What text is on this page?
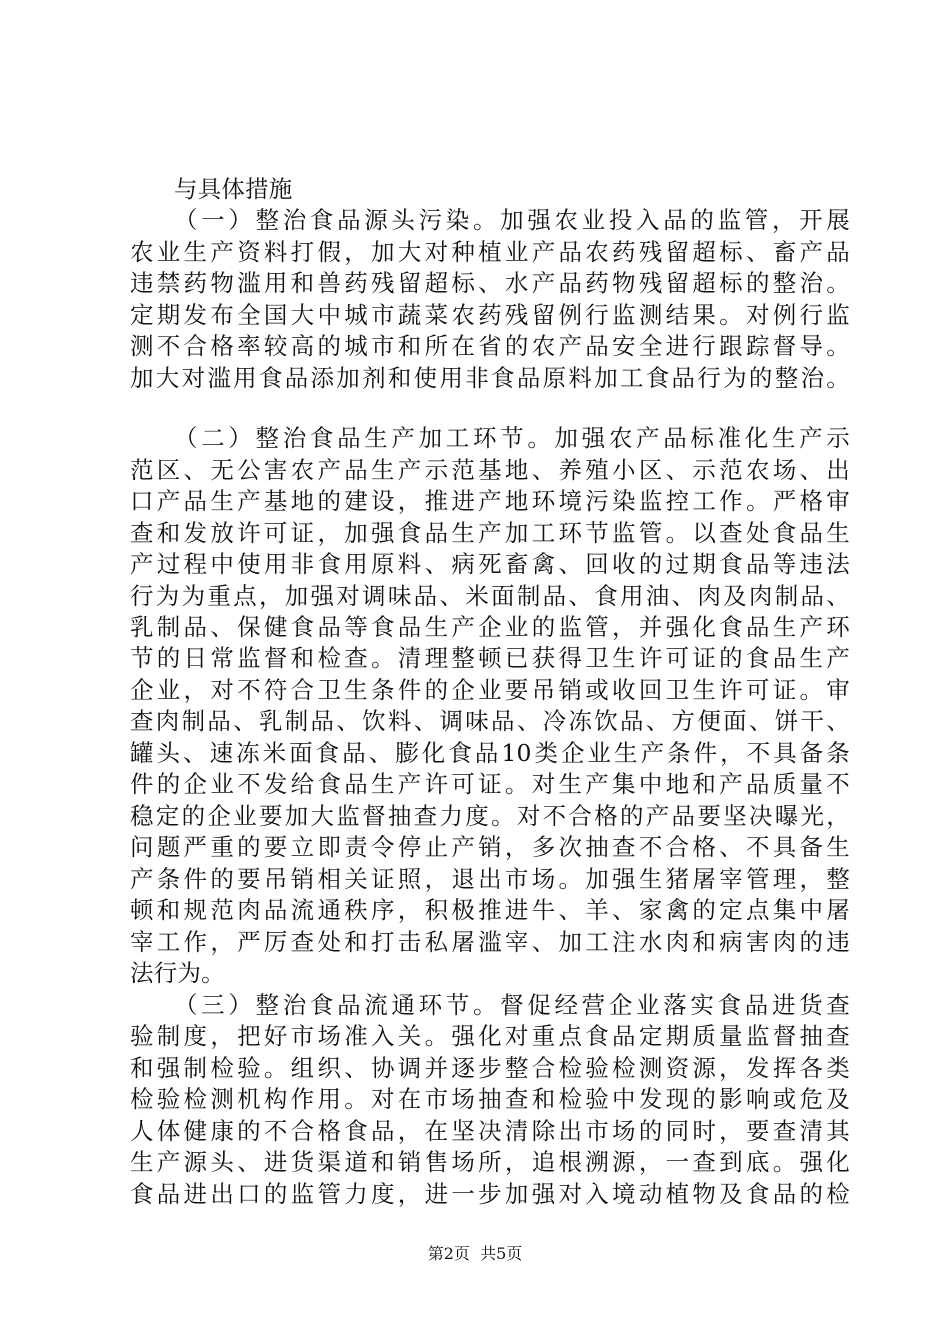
与具体措施
（一）整治食品源头污染。加强农业投入品的监管，开展
农业生产资料打假，加大对种植业产品农药残留超标、畜产品
违禁药物滥用和兽药残留超标、水产品药物残留超标的整治。
定期发布全国大中城市蔬菜农药残留例行监测结果。对例行监
测不合格率较高的城市和所在省的农产品安全进行跟踪督导。
加大对滥用食品添加剂和使用非食品原料加工食品行为的整治。
（二）整治食品生产加工环节。加强农产品标准化生产示
范区、无公害农产品生产示范基地、养殖小区、示范农场、出
口产品生产基地的建设，推进产地环境污染监控工作。严格审
查和发放许可证，加强食品生产加工环节监管。以查处食品生
产过程中使用非食用原料、病死畜禽、回收的过期食品等违法
行为为重点，加强对调味品、米面制品、食用油、肉及肉制品、
乳制品、保健食品等食品生产企业的监管，并强化食品生产环
节的日常监督和检查。清理整顿已获得卫生许可证的食品生产
企业，对不符合卫生条件的企业要吊销或收回卫生许可证。审
查肉制品、乳制品、饮料、调味品、冷冻饮品、方便面、饼干、
罐头、速冻米面食品、膨化食品10类企业生产条件，不具备条
件的企业不发给食品生产许可证。对生产集中地和产品质量不
稳定的企业要加大监督抽查力度。对不合格的产品要坚决曝光，
问题严重的要立即责令停止产销，多次抽查不合格、不具备生
产条件的要吊销相关证照，退出市场。加强生猪屠宰管理，整
顿和规范肉品流通秩序，积极推进牛、羊、家禽的定点集中屠
宰工作，严厉查处和打击私屠滥宰、加工注水肉和病害肉的违
法行为。
（三）整治食品流通环节。督促经营企业落实食品进货查
验制度，把好市场准入关。强化对重点食品定期质量监督抽查
和强制检验。组织、协调并逐步整合检验检测资源，发挥各类
检验检测机构作用。对在市场抽查和检验中发现的影响或危及
人体健康的不合格食品，在坚决清除出市场的同时，要查清其
生产源头、进货渠道和销售场所，追根溯源，一查到底。强化
食品进出口的监管力度，进一步加强对入境动植物及食品的检
第2页  共5页
